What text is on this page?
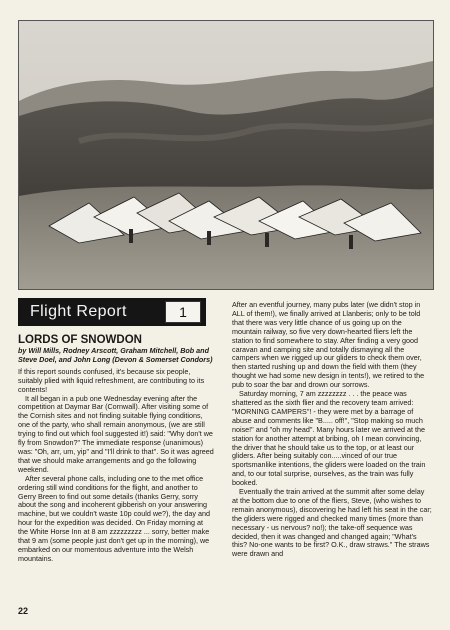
Flight Report	1
LORDS OF SNOWDON
by Will Mills, Rodney Arscott, Graham Mitchell, Bob and Steve Doel, and John Long (Devon & Somerset Condors)

If this report sounds confused, it's because six people, suitably plied with liquid refreshment, are contributing to its contents!

It all began in a pub one Wednesday evening after the competition at Daymar Bar (Cornwall). After visiting some of the Cornish sites and not finding suitable flying conditions, one of the party, who shall remain anonymous, (we are still trying to find out which fool suggested it!) said: "Why don't we fly from Snowdon?" The immediate response (unanimous) was: "Oh, arr, um, yip" and "I'll drink to that". So it was agreed that we should make arrangements and go the following weekend.

After several phone calls, including one to the met office ordering still wind conditions for the flight, and another to Gerry Breen to find out some details (thanks Gerry, sorry about the song and incoherent gibberish on your answering machine, but we couldn't waste 10p could we?), the day and hour for the expedition was decided. On Friday morning at the White Horse Inn at 8 am zzzzzzzzz ... sorry, better make that 9 am (some people just don't get up in the morning), we embarked on our momentous adventure into the Welsh mountains.

After an eventful journey, many pubs later (we didn't stop in ALL of them!), we finally arrived at Llanberis; only to be told that there was very little chance of us going up on the mountain railway, so five very down-hearted fliers left the station to find somewhere to stay. After finding a very good caravan and camping site and totally dismaying all the campers when we rigged up our gliders to check them over, then started rushing up and down the field with them (they thought we had some new design in tents!), we retired to the pub to soar the bar and drown our sorrows.

Saturday morning, 7 am zzzzzzzz . . . the peace was shattered as the sixth flier and the recovery team arrived: "MORNING CAMPERS"! - they were met by a barrage of abuse and comments like "B..... off!", "Stop making so much noise!" and "oh my head". Many hours later we arrived at the station for another attempt at bribing, oh I mean convincing, the driver that he should take us to the top, or at least our gliders. After being suitably con.....vinced of our true sportsmanlike intentions, the gliders were loaded on the train and, to our total surprise, ourselves, as the train was fully booked.

Eventually the train arrived at the summit after some delay at the bottom due to one of the fliers, Steve, (who wishes to remain anonymous), discovering he had left his seat in the car; the gliders were rigged and checked many times (more than necessary - us nervous? no!); the take-off sequence was decided, then it was changed and changed again; "What's this? No-one wants to be first? O.K., draw straws." The straws were drawn and

22
